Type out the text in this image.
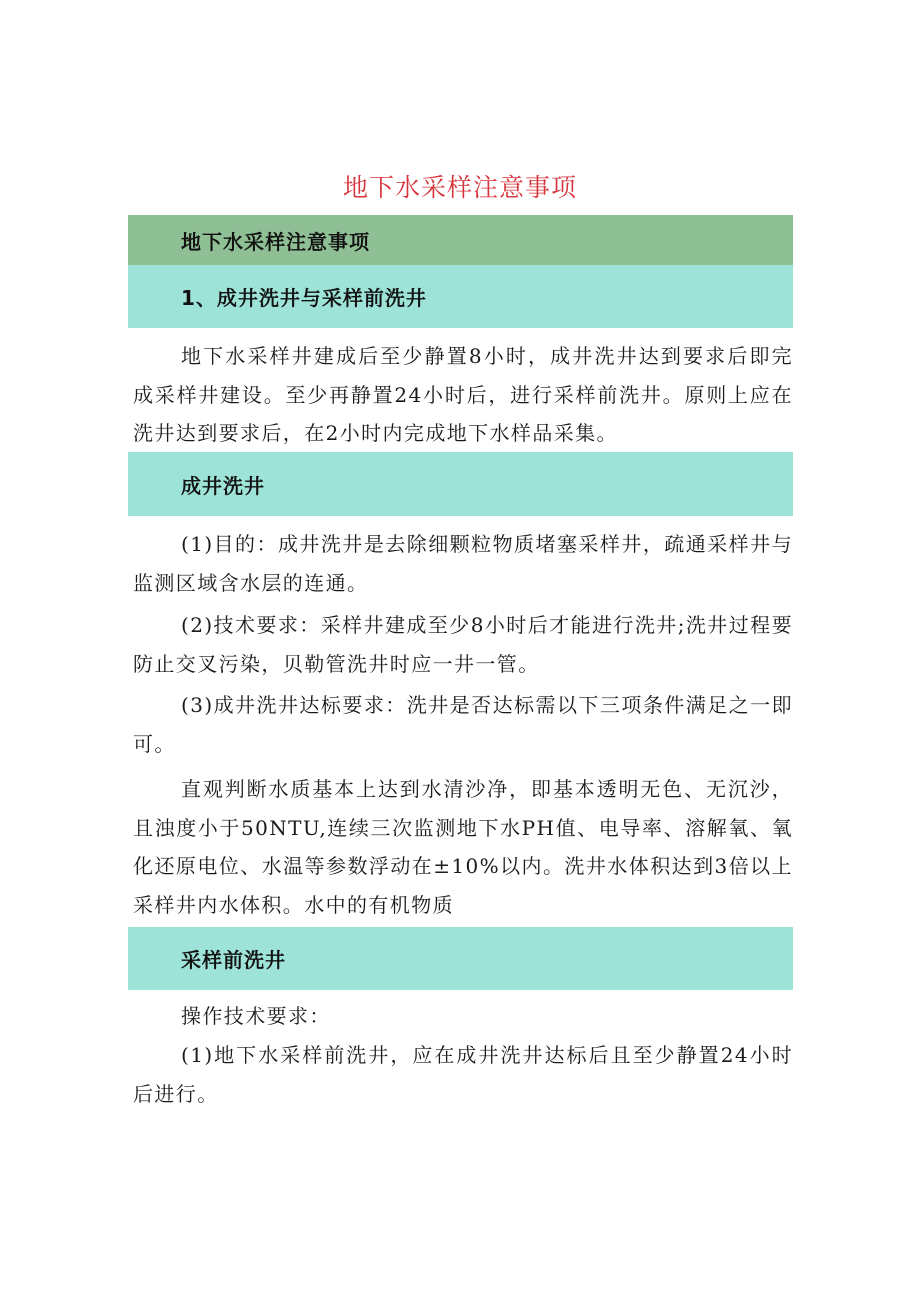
地下水采样注意事项
地下水采样注意事项
1、成井洗井与采样前洗井

地下水采样井建成后至少静置8小时，成井洗井达到要求后即完成采样井建设。至少再静置24小时后，进行采样前洗井。原则上应在洗井达到要求后，在2小时内完成地下水样品采集。

成井洗井

(1)目的：成井洗井是去除细颗粒物质堵塞采样井，疏通采样井与监测区域含水层的连通。

(2)技术要求：采样井建成至少8小时后才能进行洗井;洗井过程要防止交叉污染，贝勒管洗井时应一井一管。

(3)成井洗井达标要求：洗井是否达标需以下三项条件满足之一即可。

直观判断水质基本上达到水清沙净，即基本透明无色、无沉沙，且浊度小于50NTU,连续三次监测地下水PH值、电导率、溶解氧、氧化还原电位、水温等参数浮动在±10%以内。洗井水体积达到3倍以上采样井内水体积。水中的有机物质

采样前洗井

操作技术要求：

(1)地下水采样前洗井，应在成井洗井达标后且至少静置24小时后进行。
